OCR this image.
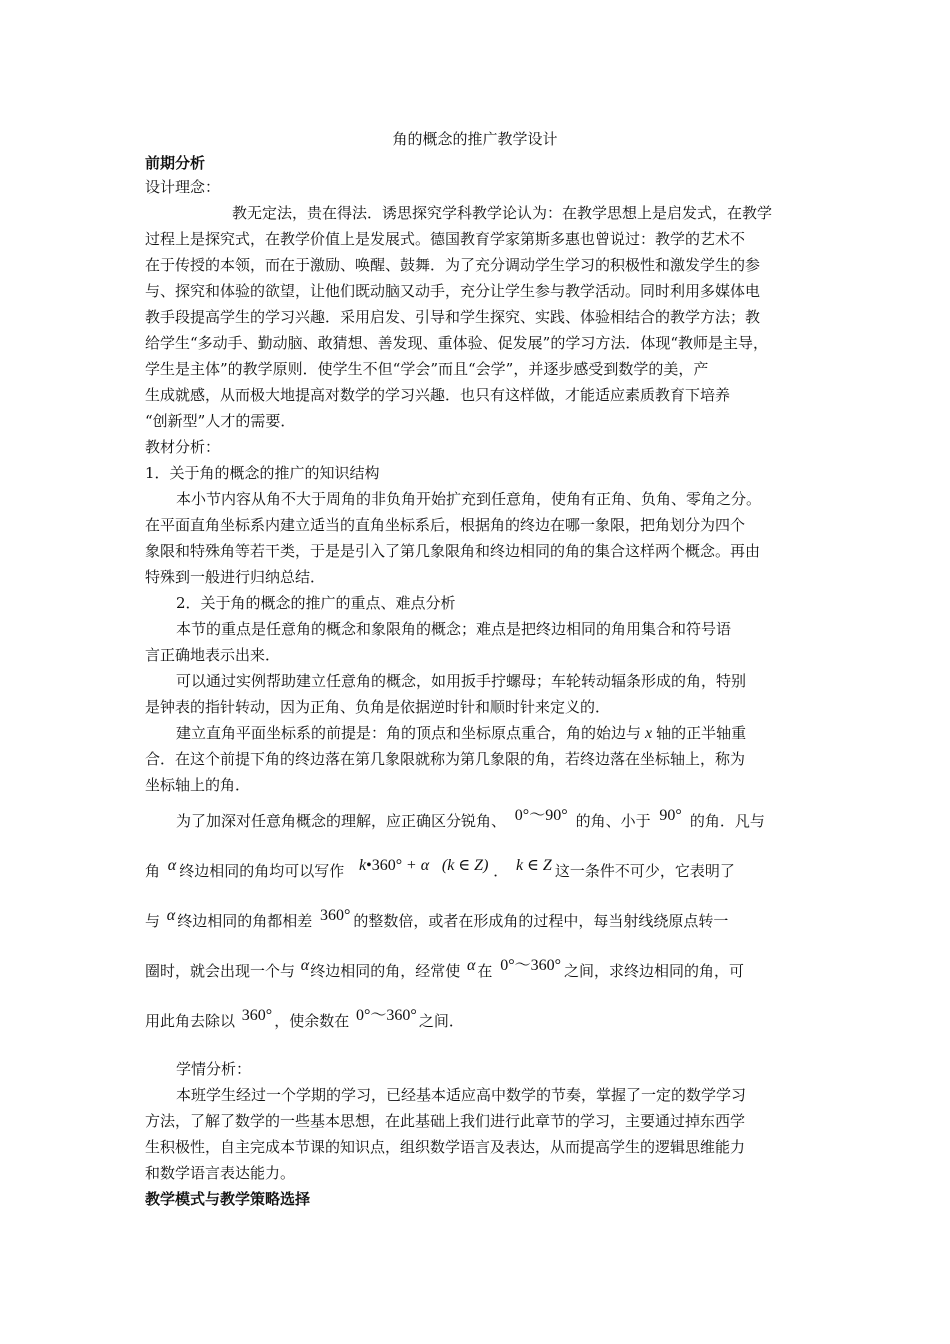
角的概念的推广教学设计
前期分析
设计理念：
教无定法，贵在得法．诱思探究学科教学论认为：在教学思想上是启发式，在教学
过程上是探究式，在教学价值上是发展式。德国教育学家第斯多惠也曾说过：教学的艺术不
在于传授的本领，而在于激励、唤醒、鼓舞．为了充分调动学生学习的积极性和激发学生的参
与、探究和体验的欲望，让他们既动脑又动手，充分让学生参与教学活动。同时利用多媒体电
教手段提高学生的学习兴趣．采用启发、引导和学生探究、实践、体验相结合的教学方法；教
给学生“多动手、勤动脑、敢猜想、善发现、重体验、促发展”的学习方法．体现“教师是主导，
学生是主体”的教学原则．使学生不但“学会”而且“会学”，并逐步感受到数学的美，产
生成就感，从而极大地提高对数学的学习兴趣．也只有这样做，才能适应素质教育下培养
“创新型”人才的需要．
教材分析：
1．关于角的概念的推广的知识结构
本小节内容从角不大于周角的非负角开始扩充到任意角，使角有正角、负角、零角之分。
在平面直角坐标系内建立适当的直角坐标系后，根据角的终边在哪一象限，把角划分为四个
象限和特殊角等若干类，于是是引入了第几象限角和终边相同的角的集合这样两个概念。再由
特殊到一般进行归纳总结．
2．关于角的概念的推广的重点、难点分析
本节的重点是任意角的概念和象限角的概念；难点是把终边相同的角用集合和符号语
言正确地表示出来．
可以通过实例帮助建立任意角的概念，如用扳手拧螺母；车轮转动辐条形成的角，特别
是钟表的指针转动，因为正角、负角是依据逆时针和顺时针来定义的．
建立直角平面坐标系的前提是：角的顶点和坐标原点重合，角的始边与 x 轴的正半轴重
合．在这个前提下角的终边落在第几象限就称为第几象限的角，若终边落在坐标轴上，称为
坐标轴上的角．
为了加深对任意角概念的理解，应正确区分锐角、 0°～90° 的角、小于 90° 的角．凡与
角 α 终边相同的角均可以写作 k•360° + α (k ∈ Z) ． k ∈ Z 这一条件不可少，它表明了
与 α 终边相同的角都相差 360° 的整数倍，或者在形成角的过程中，每当射线绕原点转一
圈时，就会出现一个与 α终边相同的角，经常使 α 在 0°～360° 之间，求终边相同的角，可
用此角去除以 360° ，使余数在 0°～360° 之间．
学情分析：
本班学生经过一个学期的学习，已经基本适应高中数学的节奏，掌握了一定的数学学习
方法，了解了数学的一些基本思想，在此基础上我们进行此章节的学习，主要通过掉东西学
生积极性，自主完成本节课的知识点，组织数学语言及表达，从而提高学生的逻辑思维能力
和数学语言表达能力。
教学模式与教学策略选择
